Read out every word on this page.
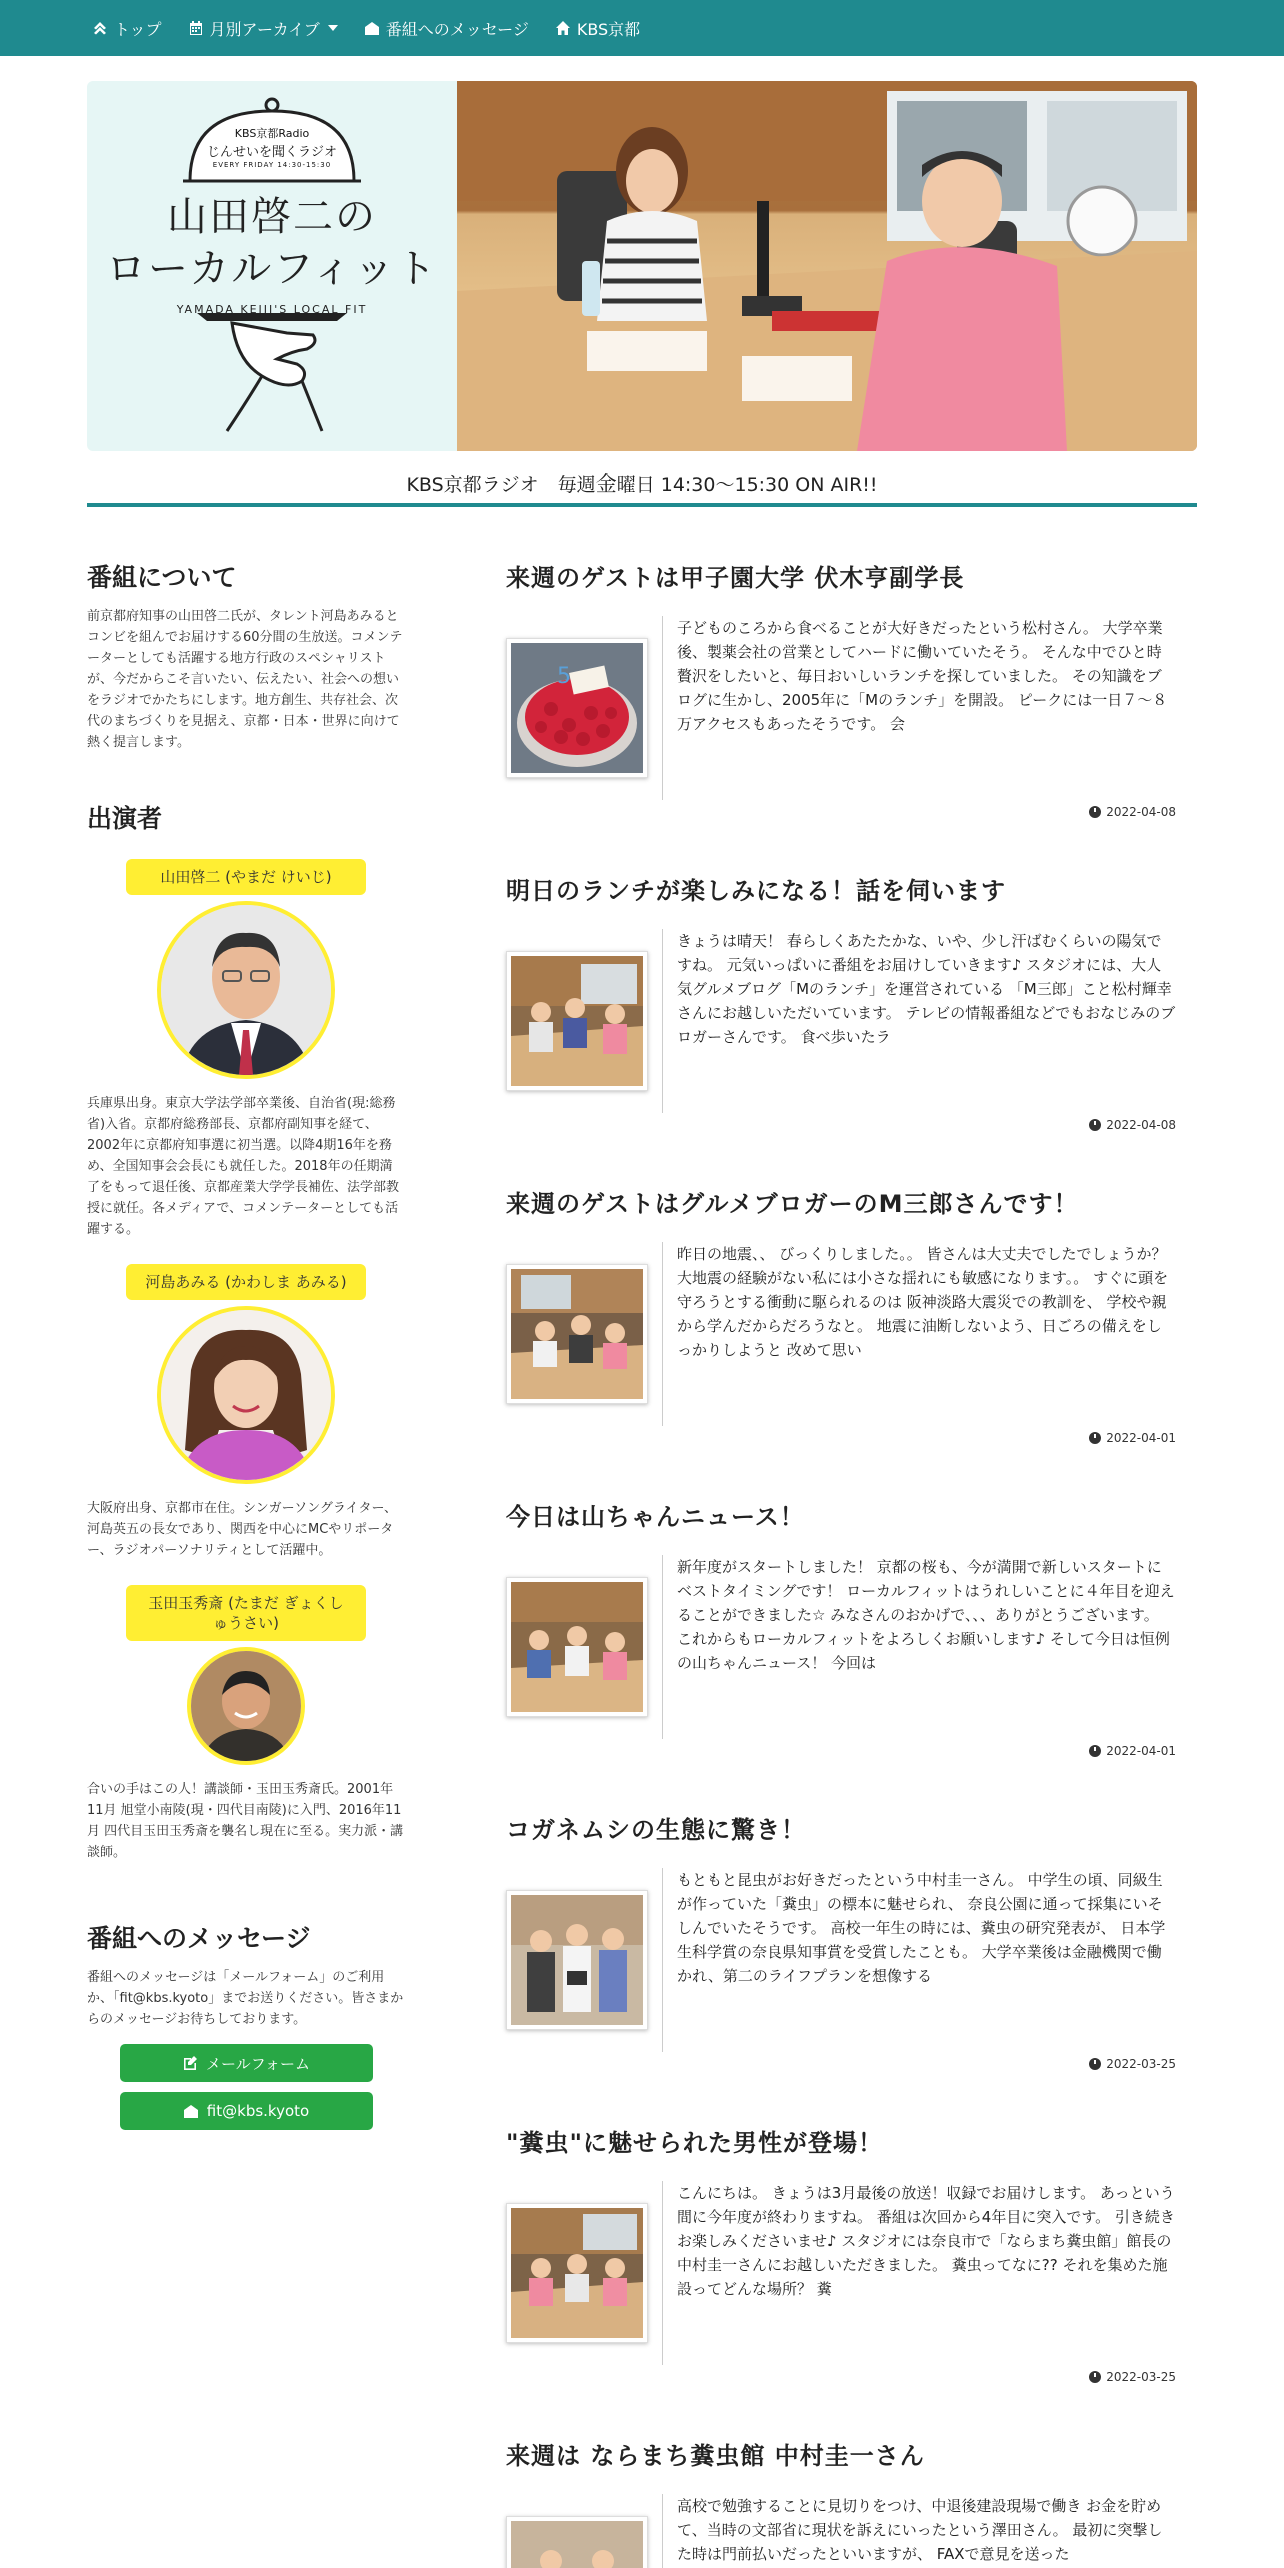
トップ	月別アーカイブ	番組へのメッセージ	KBS京都
KBS京都Radio
じんせいを聞くラジオ
EVERY FRIDAY 14:30-15:30
山田啓二の
ローカルフィット
YAMADA KEIJI'S LOCAL FIT
KBS京都ラジオ　毎週金曜日 14:30～15:30 ON AIR!!
番組について
前京都府知事の山田啓二氏が、タレント河島あみるとコンビを組んでお届けする60分間の生放送。コメンテーターとしても活躍する地方行政のスペシャリストが、今だからこそ言いたい、伝えたい、社会への想いをラジオでかたちにします。地方創生、共存社会、次代のまちづくりを見据え、京都・日本・世界に向けて熱く提言します。
出演者
山田啓二 (やまだ けいじ)
兵庫県出身。東京大学法学部卒業後、自治省(現:総務省)入省。京都府総務部長、京都府副知事を経て、2002年に京都府知事選に初当選。以降4期16年を務め、全国知事会会長にも就任した。2018年の任期満了をもって退任後、京都産業大学学長補佐、法学部教授に就任。各メディアで、コメンテーターとしても活躍する。
河島あみる (かわしま あみる)
大阪府出身、京都市在住。シンガーソングライター、河島英五の長女であり、関西を中心にMCやリポーター、ラジオパーソナリティとして活躍中。
玉田玉秀斎 (たまだ ぎょくしゅうさい)
合いの手はこの人！講談師・玉田玉秀斎氏。2001年11月 旭堂小南陵(現・四代目南陵)に入門、2016年11月 四代目玉田玉秀斎を襲名し現在に至る。実力派・講談師。
番組へのメッセージ
番組へのメッセージは「メールフォーム」のご利用か、「fit@kbs.kyoto」までお送りください。皆さまからのメッセージお待ちしております。
メールフォーム
fit@kbs.kyoto
来週のゲストは甲子園大学 伏木亨副学長
5
子どものころから食べることが大好きだったという松村さん。 大学卒業後、製薬会社の営業としてハードに働いていたそう。 そんな中でひと時贅沢をしたいと、毎日おいしいランチを探していました。 その知識をブログに生かし、2005年に「Mのランチ」を開設。 ピークには一日７～８万アクセスもあったそうです。 会
2022-04-08
明日のランチが楽しみになる！話を伺います
きょうは晴天！ 春らしくあたたかな、いや、少し汗ばむくらいの陽気ですね。 元気いっぱいに番組をお届けしていきます♪ スタジオには、大人気グルメブログ「Mのランチ」を運営されている 「M三郎」こと松村輝幸さんにお越しいただいています。 テレビの情報番組などでもおなじみのブロガーさんです。 食べ歩いたラ
2022-04-08
来週のゲストはグルメブロガーのM三郎さんです！
昨日の地震、、 びっくりしました。。 皆さんは大丈夫でしたでしょうか？ 大地震の経験がない私には小さな揺れにも敏感になります。。 すぐに頭を守ろうとする衝動に駆られるのは 阪神淡路大震災での教訓を、 学校や親から学んだからだろうなと。 地震に油断しないよう、日ごろの備えをしっかりしようと 改めて思い
2022-04-01
今日は山ちゃんニュース！
新年度がスタートしました！ 京都の桜も、今が満開で新しいスタートにベストタイミングです！ ローカルフィットはうれしいことに４年目を迎えることができました☆ みなさんのおかげで、、、ありがとうございます。 これからもローカルフィットをよろしくお願いします♪ そして今日は恒例の山ちゃんニュース！ 今回は
2022-04-01
コガネムシの生態に驚き！
もともと昆虫がお好きだったという中村圭一さん。 中学生の頃、同級生が作っていた「糞虫」の標本に魅せられ、 奈良公園に通って採集にいそしんでいたそうです。 高校一年生の時には、糞虫の研究発表が、 日本学生科学賞の奈良県知事賞を受賞したことも。 大学卒業後は金融機関で働かれ、第二のライフプランを想像する
2022-03-25
"糞虫"に魅せられた男性が登場！
こんにちは。 きょうは3月最後の放送！収録でお届けします。 あっという間に今年度が終わりますね。 番組は次回から4年目に突入です。 引き続きお楽しみくださいませ♪ スタジオには奈良市で「ならまち糞虫館」館長の 中村圭一さんにお越しいただきました。 糞虫ってなに?? それを集めた施設ってどんな場所？ 糞
2022-03-25
来週は ならまち糞虫館 中村圭一さん
高校で勉強することに見切りをつけ、中退後建設現場で働き お金を貯めて、当時の文部省に現状を訴えにいったという澤田さん。 最初に突撃した時は門前払いだったといいますが、 FAXで意見を送った
